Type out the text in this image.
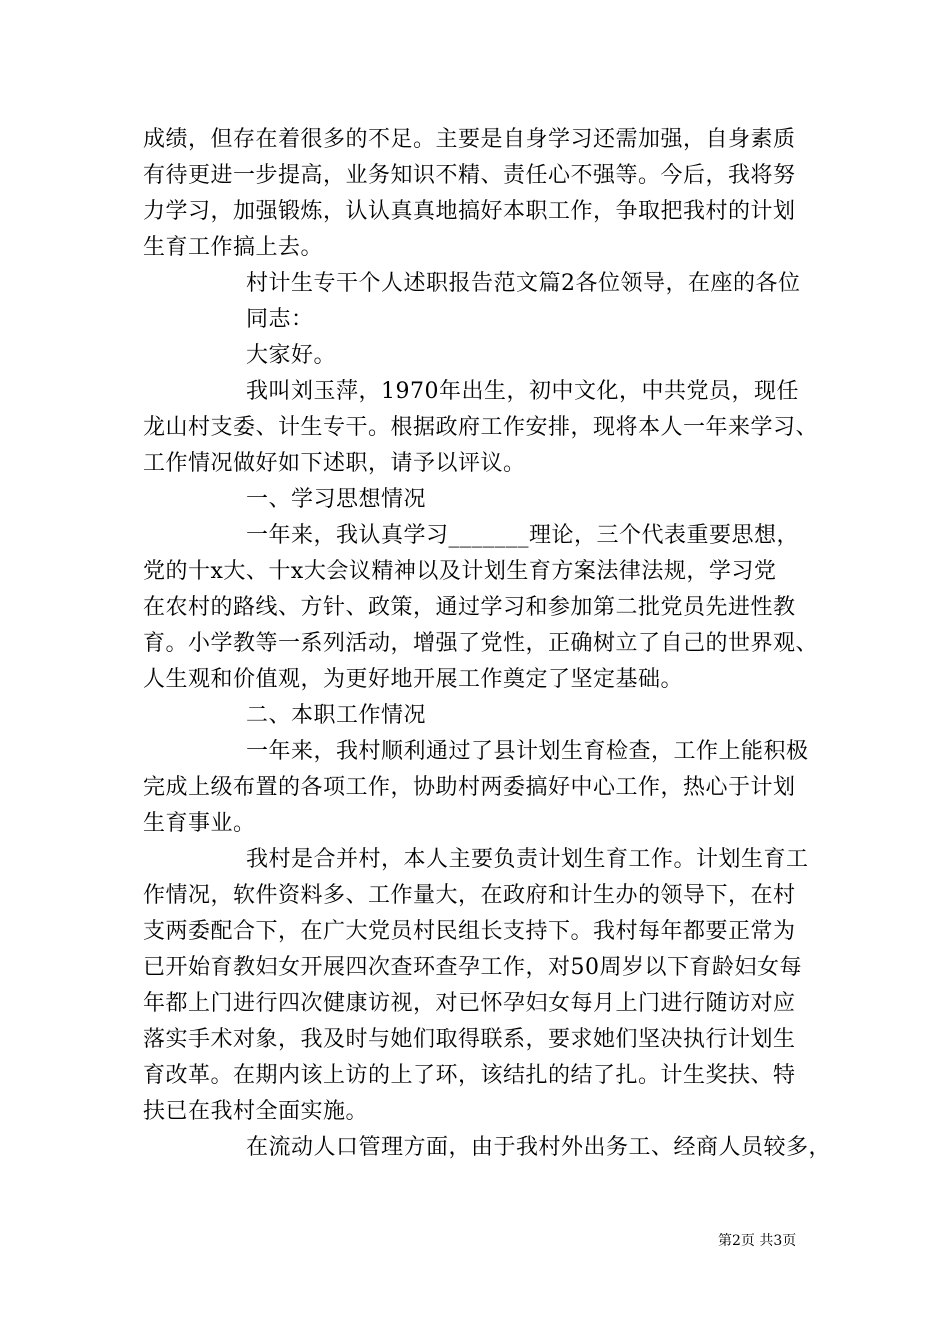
成绩，但存在着很多的不足。主要是自身学习还需加强，自身素质
有待更进一步提高，业务知识不精、责任心不强等。今后，我将努
力学习，加强锻炼，认认真真地搞好本职工作，争取把我村的计划
生育工作搞上去。
村计生专干个人述职报告范文篇2各位领导，在座的各位
同志：
大家好。
我叫刘玉萍，1970年出生，初中文化，中共党员，现任
龙山村支委、计生专干。根据政府工作安排，现将本人一年来学习、
工作情况做好如下述职，请予以评议。
一、学习思想情况
一年来，我认真学习_______理论，三个代表重要思想，
党的十x大、十x大会议精神以及计划生育方案法律法规，学习党
在农村的路线、方针、政策，通过学习和参加第二批党员先进性教
育。小学教等一系列活动，增强了党性，正确树立了自己的世界观、
人生观和价值观，为更好地开展工作奠定了坚定基础。
二、本职工作情况
一年来，我村顺利通过了县计划生育检查，工作上能积极
完成上级布置的各项工作，协助村两委搞好中心工作，热心于计划
生育事业。
我村是合并村，本人主要负责计划生育工作。计划生育工
作情况，软件资料多、工作量大，在政府和计生办的领导下，在村
支两委配合下，在广大党员村民组长支持下。我村每年都要正常为
已开始育教妇女开展四次查环查孕工作，对50周岁以下育龄妇女每
年都上门进行四次健康访视，对已怀孕妇女每月上门进行随访对应
落实手术对象，我及时与她们取得联系，要求她们坚决执行计划生
育改革。在期内该上访的上了环，该结扎的结了扎。计生奖扶、特
扶已在我村全面实施。
在流动人口管理方面，由于我村外出务工、经商人员较多，
第2页 共3页
